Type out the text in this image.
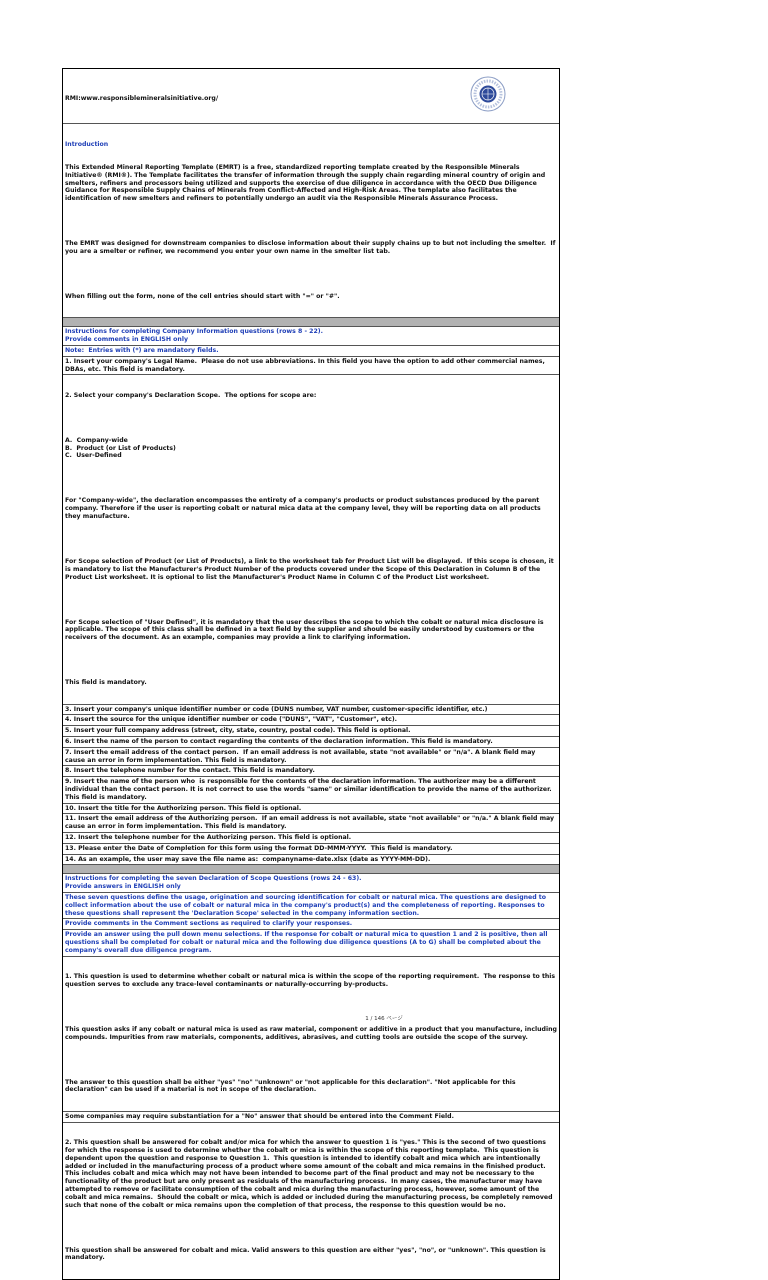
RMI:www.responsiblemineralsinitiative.org/

Introduction

This Extended Mineral Reporting Template (EMRT) is a free, standardized reporting template created by the Responsible Minerals Initiative® (RMI®). The Template facilitates the transfer of information through the supply chain regarding mineral country of origin and smelters, refiners and processors being utilized and supports the exercise of due diligence in accordance with the OECD Due Diligence Guidance for Responsible Supply Chains of Minerals from Conflict-Affected and High-Risk Areas. The template also facilitates the identification of new smelters and refiners to potentially undergo an audit via the Responsible Minerals Assurance Process.

The EMRT was designed for downstream companies to disclose information about their supply chains up to but not including the smelter.  If you are a smelter or refiner, we recommend you enter your own name in the smelter list tab.

When filling out the form, none of the cell entries should start with "=" or "#".

Instructions for completing Company Information questions (rows 8 - 22).
Provide comments in ENGLISH only
Note:  Entries with (*) are mandatory fields.
1. Insert your company's Legal Name.  Please do not use abbreviations. In this field you have the option to add other commercial names, DBAs, etc. This field is mandatory.

2. Select your company's Declaration Scope.  The options for scope are:

A.  Company-wide
B.  Product (or List of Products)
C.  User-Defined

For "Company-wide", the declaration encompasses the entirety of a company's products or product substances produced by the parent company. Therefore if the user is reporting cobalt or natural mica data at the company level, they will be reporting data on all products they manufacture.

For Scope selection of Product (or List of Products), a link to the worksheet tab for Product List will be displayed.  If this scope is chosen, it is mandatory to list the Manufacturer's Product Number of the products covered under the Scope of this Declaration in Column B of the Product List worksheet. It is optional to list the Manufacturer's Product Name in Column C of the Product List worksheet.

For Scope selection of "User Defined", it is mandatory that the user describes the scope to which the cobalt or natural mica disclosure is applicable. The scope of this class shall be defined in a text field by the supplier and should be easily understood by customers or the receivers of the document. As an example, companies may provide a link to clarifying information.

This field is mandatory.

3. Insert your company's unique identifier number or code (DUNS number, VAT number, customer-specific identifier, etc.)
4. Insert the source for the unique identifier number or code ("DUNS", "VAT", "Customer", etc).
5. Insert your full company address (street, city, state, country, postal code). This field is optional.
6. Insert the name of the person to contact regarding the contents of the declaration information. This field is mandatory.
7. Insert the email address of the contact person.  If an email address is not available, state "not available" or "n/a". A blank field may cause an error in form implementation. This field is mandatory.
8. Insert the telephone number for the contact. This field is mandatory.
9. Insert the name of the person who  is responsible for the contents of the declaration information. The authorizer may be a different individual than the contact person. It is not correct to use the words "same" or similar identification to provide the name of the authorizer. This field is mandatory.
10. Insert the title for the Authorizing person. This field is optional.
11. Insert the email address of the Authorizing person.  If an email address is not available, state "not available" or "n/a." A blank field may cause an error in form implementation. This field is mandatory.
12. Insert the telephone number for the Authorizing person. This field is optional.
13. Please enter the Date of Completion for this form using the format DD-MMM-YYYY.  This field is mandatory.
14. As an example, the user may save the file name as:  companyname-date.xlsx (date as YYYY-MM-DD).
Instructions for completing the seven Declaration of Scope Questions (rows 24 - 63).
Provide answers in ENGLISH only
These seven questions define the usage, origination and sourcing identification for cobalt or natural mica. The questions are designed to collect information about the use of cobalt or natural mica in the company's product(s) and the completeness of reporting. Responses to these questions shall represent the 'Declaration Scope' selected in the company information section.
Provide comments in the Comment sections as required to clarify your responses.
Provide an answer using the pull down menu selections. If the response for cobalt or natural mica to question 1 and 2 is positive, then all questions shall be completed for cobalt or natural mica and the following due diligence questions (A to G) shall be completed about the company's overall due diligence program.

1. This question is used to determine whether cobalt or natural mica is within the scope of the reporting requirement.  The response to this question serves to exclude any trace-level contaminants or naturally-occurring by-products.

This question asks if any cobalt or natural mica is used as raw material, component or additive in a product that you manufacture, including compounds. Impurities from raw materials, components, additives, abrasives, and cutting tools are outside the scope of the survey.

The answer to this question shall be either "yes" "no" "unknown" or "not applicable for this declaration". "Not applicable for this declaration" can be used if a material is not in scope of the declaration.

Some companies may require substantiation for a "No" answer that should be entered into the Comment Field.

2. This question shall be answered for cobalt and/or mica for which the answer to question 1 is "yes." This is the second of two questions for which the response is used to determine whether the cobalt or mica is within the scope of this reporting template.  This question is dependent upon the question and response to Question 1.  This question is intended to identify cobalt and mica which are intentionally added or included in the manufacturing process of a product where some amount of the cobalt and mica remains in the finished product.  This includes cobalt and mica which may not have been intended to become part of the final product and may not be necessary to the functionality of the product but are only present as residuals of the manufacturing process.  In many cases, the manufacturer may have attempted to remove or facilitate consumption of the cobalt and mica during the manufacturing process, however, some amount of the cobalt and mica remains.  Should the cobalt or mica, which is added or included during the manufacturing process, be completely removed such that none of the cobalt or mica remains upon the completion of that process, the response to this question would be no.

This question shall be answered for cobalt and mica. Valid answers to this question are either "yes", "no", or "unknown". This question is mandatory.

1 / 146 ページ
